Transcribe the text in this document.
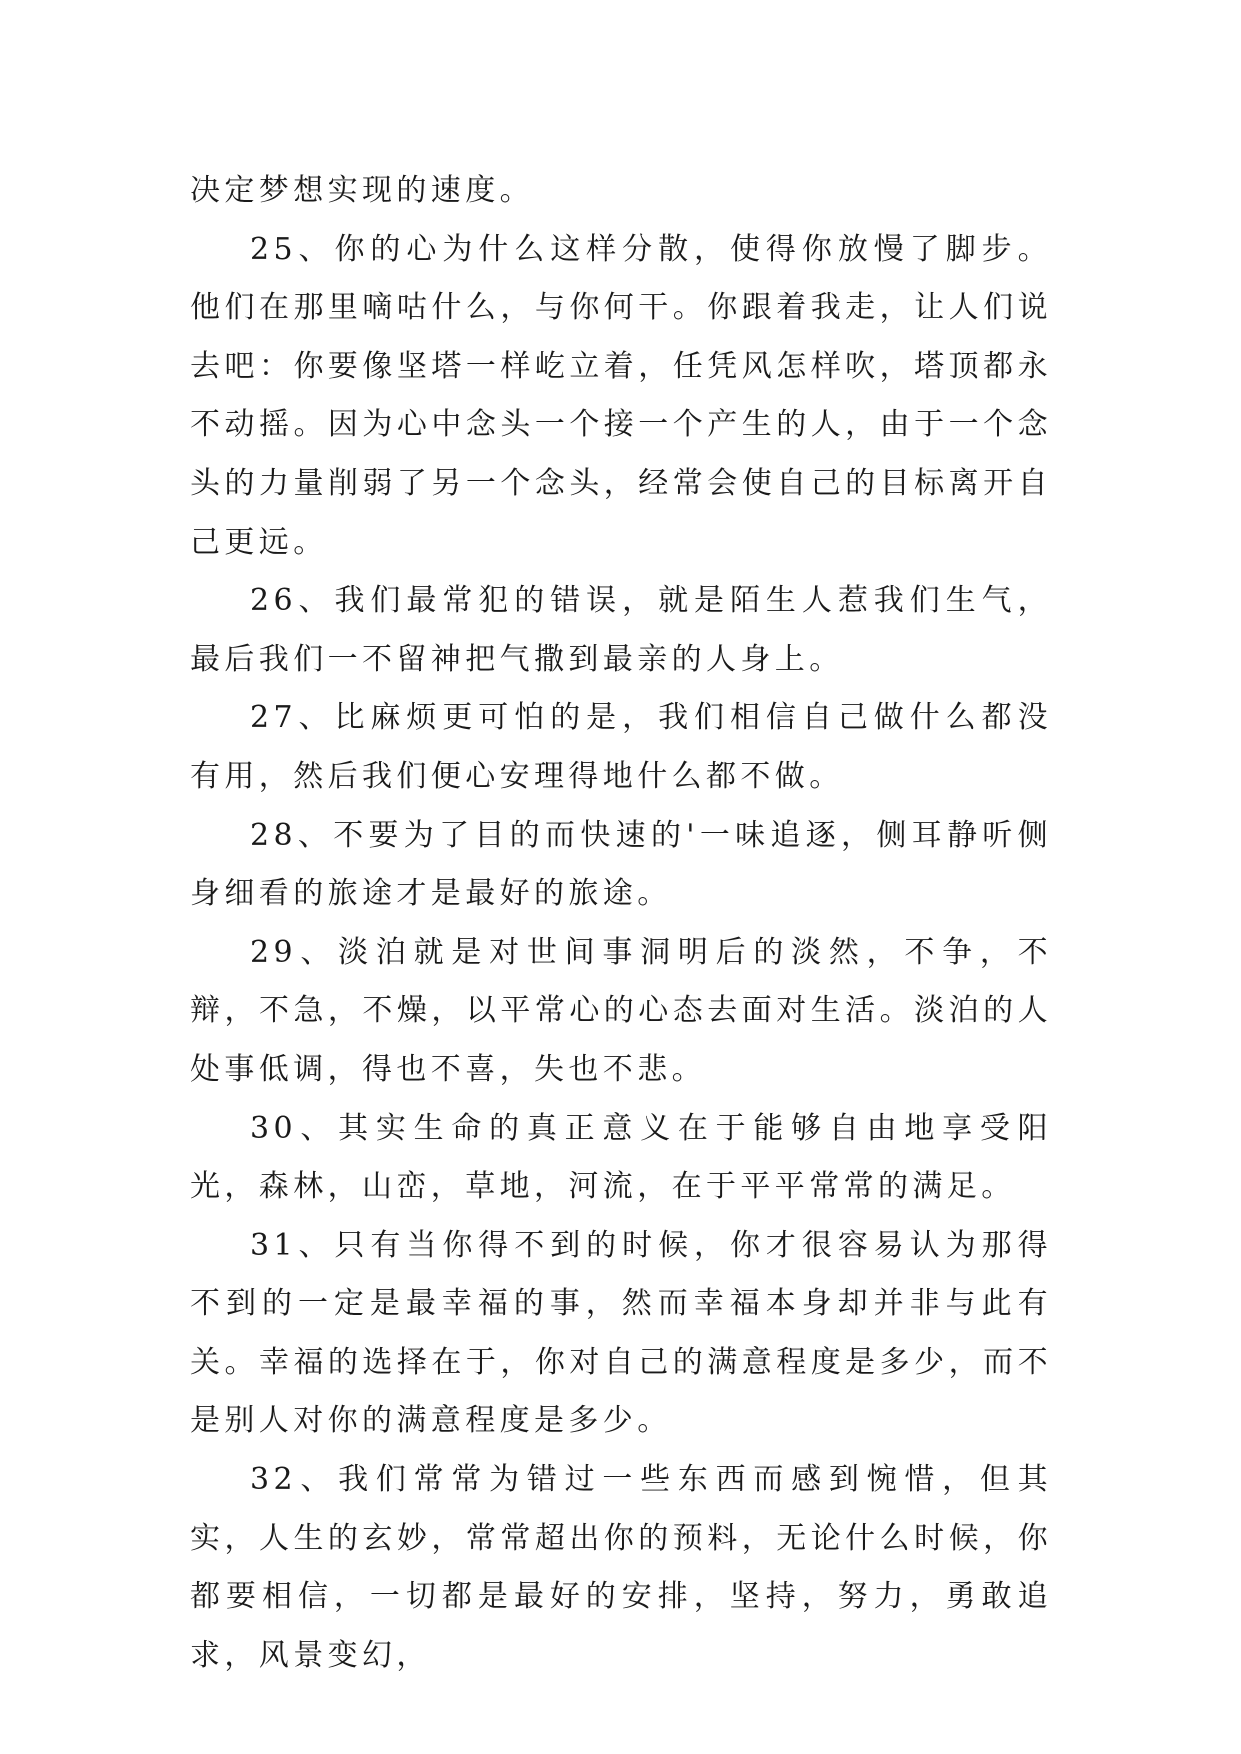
决定梦想实现的速度。

25、你的心为什么这样分散，使得你放慢了脚步。他们在那里嘀咕什么，与你何干。你跟着我走，让人们说去吧：你要像坚塔一样屹立着，任凭风怎样吹，塔顶都永不动摇。因为心中念头一个接一个产生的人，由于一个念头的力量削弱了另一个念头，经常会使自己的目标离开自己更远。

26、我们最常犯的错误，就是陌生人惹我们生气，最后我们一不留神把气撒到最亲的人身上。

27、比麻烦更可怕的是，我们相信自己做什么都没有用，然后我们便心安理得地什么都不做。

28、不要为了目的而快速的'一味追逐，侧耳静听侧身细看的旅途才是最好的旅途。

29、淡泊就是对世间事洞明后的淡然，不争，不辩，不急，不燥，以平常心的心态去面对生活。淡泊的人处事低调，得也不喜，失也不悲。

30、其实生命的真正意义在于能够自由地享受阳光，森林，山峦，草地，河流，在于平平常常的满足。

31、只有当你得不到的时候，你才很容易认为那得不到的一定是最幸福的事，然而幸福本身却并非与此有关。幸福的选择在于，你对自己的满意程度是多少，而不是别人对你的满意程度是多少。

32、我们常常为错过一些东西而感到惋惜，但其实，人生的玄妙，常常超出你的预料，无论什么时候，你都要相信，一切都是最好的安排，坚持，努力，勇敢追求，风景变幻，
